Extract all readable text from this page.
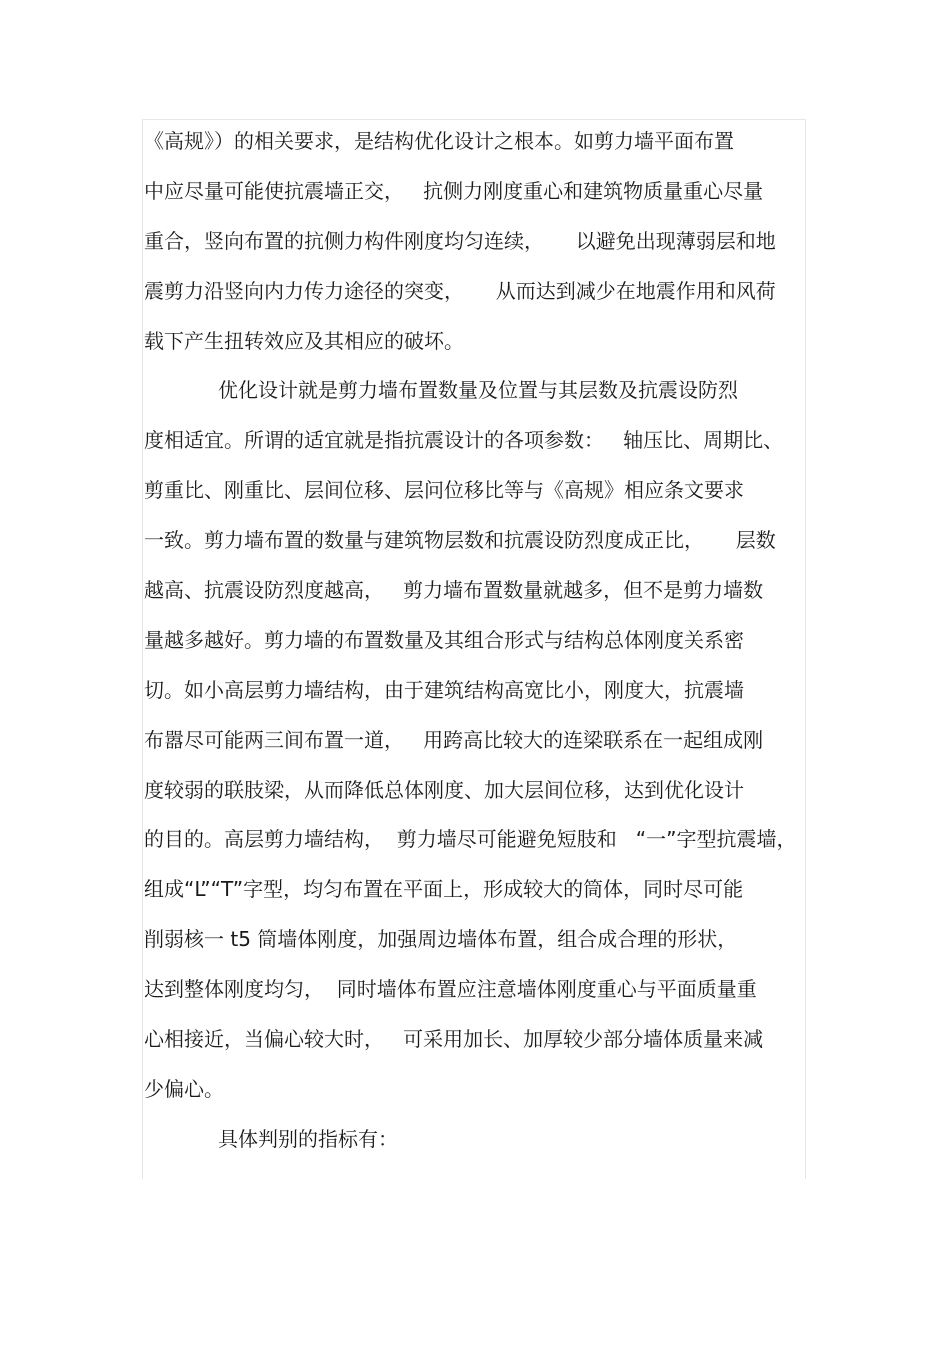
《高规》）的相关要求，是结构优化设计之根本。如剪力墙平面布置
中应尽量可能使抗震墙正交，   抗侧力刚度重心和建筑物质量重心尽量
重合，竖向布置的抗侧力构件刚度均匀连续，     以避免出现薄弱层和地
震剪力沿竖向内力传力途径的突变，     从而达到减少在地震作用和风荷
载下产生扭转效应及其相应的破坏。
优化设计就是剪力墙布置数量及位置与其层数及抗震设防烈
度相适宜。所谓的适宜就是指抗震设计的各项参数：   轴压比、周期比、
剪重比、刚重比、层间位移、层问位移比等与《高规》相应条文要求
一致。剪力墙布置的数量与建筑物层数和抗震设防烈度成正比，     层数
越高、抗震设防烈度越高，   剪力墙布置数量就越多，但不是剪力墙数
量越多越好。剪力墙的布置数量及其组合形式与结构总体刚度关系密
切。如小高层剪力墙结构，由于建筑结构高宽比小，刚度大，抗震墙
布嚣尽可能两三间布置一道，   用跨高比较大的连梁联系在一起组成刚
度较弱的联肢梁，从而降低总体刚度、加大层间位移，达到优化设计
的目的。高层剪力墙结构，  剪力墙尽可能避免短肢和   “一”字型抗震墙，
组成“L”“T”字型，均匀布置在平面上，形成较大的筒体，同时尽可能
削弱核一 t5 筒墙体刚度，加强周边墙体布置，组合成合理的形状，
达到整体刚度均匀，  同时墙体布置应注意墙体刚度重心与平面质量重
心相接近，当偏心较大时，   可采用加长、加厚较少部分墙体质量来减
少偏心。
具体判别的指标有：
